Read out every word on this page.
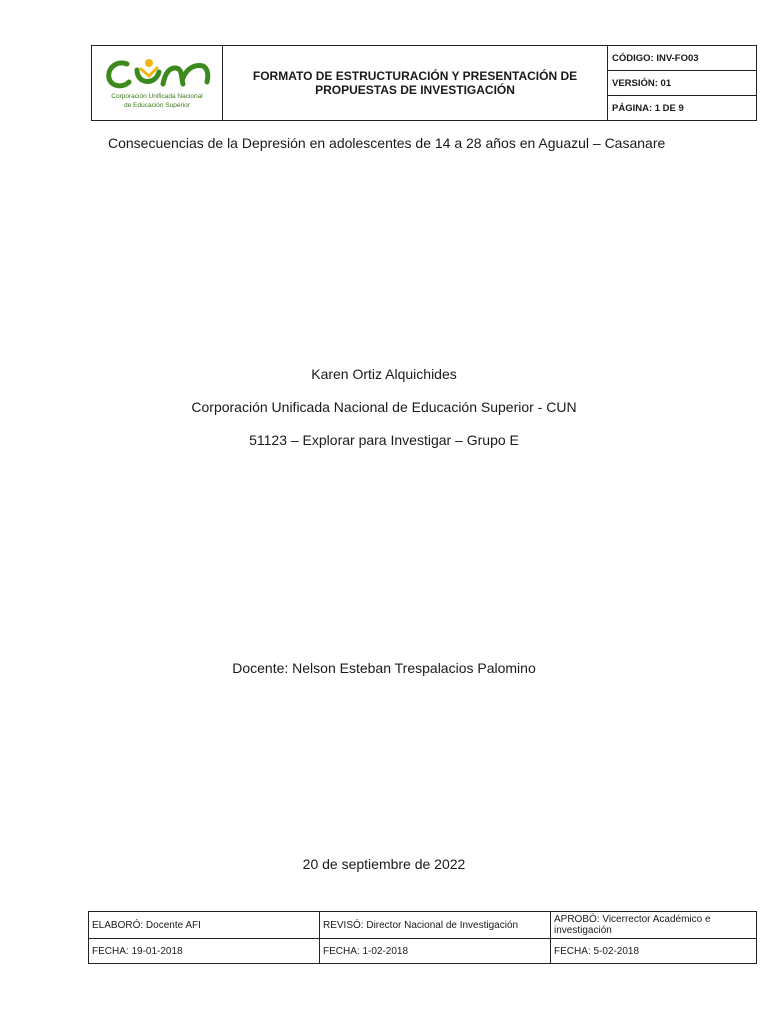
Corporación Unificada Nacional
de Educación Superior
	FORMATO DE ESTRUCTURACIÓN Y PRESENTACIÓN DE PROPUESTAS DE INVESTIGACIÓN	CÓDIGO: INV-FO03
VERSIÓN: 01
PÁGINA: 1 DE 9
Consecuencias de la Depresión en adolescentes de 14 a 28 años en Aguazul – Casanare
Karen Ortiz Alquichides
Corporación Unificada Nacional de Educación Superior - CUN
51123 – Explorar para Investigar – Grupo E
Docente: Nelson Esteban Trespalacios Palomino
20 de septiembre de 2022
ELABORÓ: Docente AFI	REVISÓ: Director Nacional de Investigación	APROBÓ: Vicerrector Académico e investigación
FECHA: 19-01-2018	FECHA: 1-02-2018	FECHA: 5-02-2018
